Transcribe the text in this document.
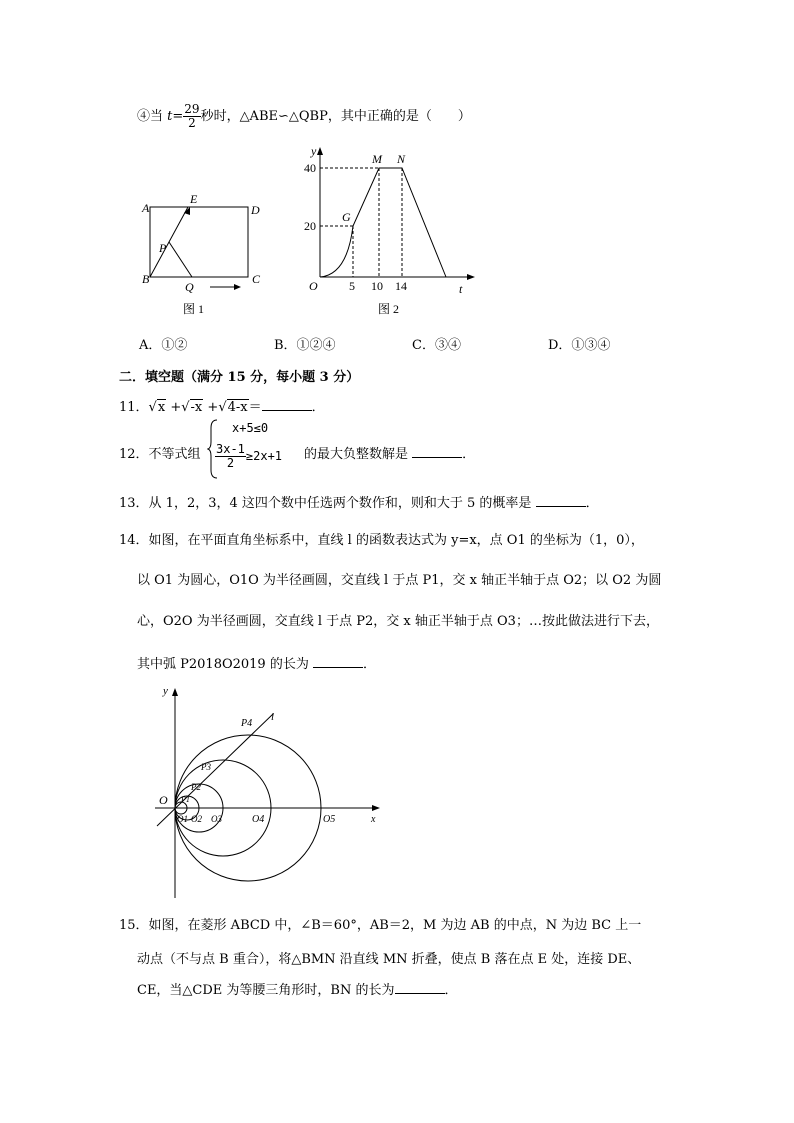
④当 $t= \frac{29}{2}$ 秒时，△ABE∽△QBP，其中正确的是（　　）
A
E
D
P
B
Q
C
图 1
y
M N
G
40
20
O	5 10 14	t
图 2
A．①②	B．①②④	C．③④	D．①③④
二．填空题（满分 15 分，每小题 3 分）
11．√x +√-x +√4-x＝	．
12．不等式组
x+5≤0
$\frac{3x-1}{2} \ge 2x+1$ 的最大负整数解是	．
13．从 1，2，3，4 这四个数中任选两个数作和，则和大于 5 的概率是	．
14．如图，在平面直角坐标系中，直线 l 的函数表达式为 y=x，点 O1 的坐标为（1，0），
以 O1 为圆心，O1O 为半径画圆，交直线 l 于点 P1，交 x 轴正半轴于点 O2；以 O2 为圆
心，O2O 为半径画圆，交直线 l 于点 P2，交 x 轴正半轴于点 O3；…按此做法进行下去，
其中弧 P2018O2019 的长为	．
y
l
P4
P3
P2
P1
O
O1 O2 O3	O4	O5	x
15．如图，在菱形 ABCD 中，∠B＝60°，AB＝2，M 为边 AB 的中点，N 为边 BC 上一
动点（不与点 B 重合），将△BMN 沿直线 MN 折叠，使点 B 落在点 E 处，连接 DE、
CE，当△CDE 为等腰三角形时，BN 的长为	．
